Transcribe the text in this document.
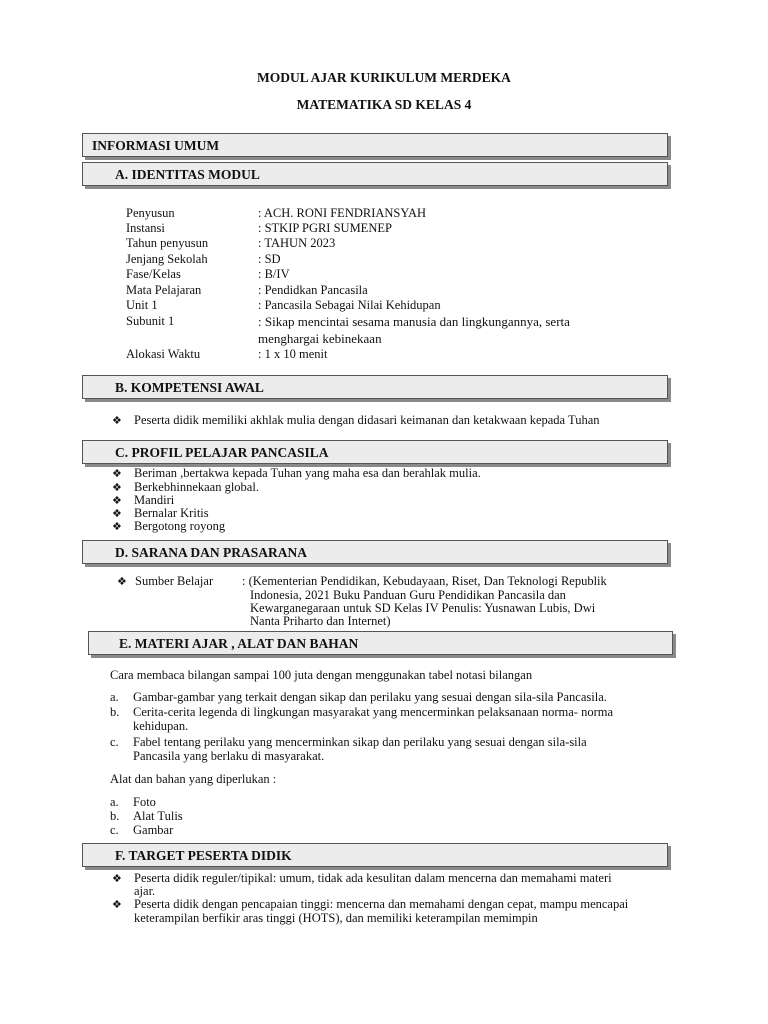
MODUL AJAR KURIKULUM MERDEKA
MATEMATIKA SD KELAS 4
INFORMASI UMUM
A. IDENTITAS MODUL
Penyusun	: ACH. RONI FENDRIANSYAH
Instansi	: STKIP PGRI SUMENEP
Tahun penyusun	: TAHUN 2023
Jenjang Sekolah	: SD
Fase/Kelas	: B/IV
Mata Pelajaran	: Pendidkan Pancasila
Unit 1	: Pancasila Sebagai Nilai Kehidupan
Subunit 1	: Sikap mencintai sesama manusia dan lingkungannya, serta
menghargai kebinekaan
Alokasi Waktu	: 1 x 10 menit
B. KOMPETENSI AWAL
❖ Peserta didik memiliki akhlak mulia dengan didasari keimanan dan ketakwaan kepada Tuhan
C. PROFIL PELAJAR PANCASILA
❖ Beriman ,bertakwa kepada Tuhan yang maha esa dan berahlak mulia.
❖ Berkebhinnekaan global.
❖ Mandiri
❖ Bernalar Kritis
❖ Bergotong royong
D. SARANA DAN PRASARANA
❖ Sumber Belajar : (Kementerian Pendidikan, Kebudayaan, Riset, Dan Teknologi Republik
Indonesia, 2021 Buku Panduan Guru Pendidikan Pancasila dan
Kewarganegaraan untuk SD Kelas IV Penulis: Yusnawan Lubis, Dwi
Nanta Priharto dan Internet)
E. MATERI AJAR , ALAT DAN BAHAN
Cara membaca bilangan sampai 100 juta dengan menggunakan tabel notasi bilangan
a. Gambar-gambar yang terkait dengan sikap dan perilaku yang sesuai dengan sila-sila Pancasila.
b. Cerita-cerita legenda di lingkungan masyarakat yang mencerminkan pelaksanaan norma- norma
kehidupan.
c. Fabel tentang perilaku yang mencerminkan sikap dan perilaku yang sesuai dengan sila-sila
Pancasila yang berlaku di masyarakat.
Alat dan bahan yang diperlukan :
a. Foto
b. Alat Tulis
c. Gambar
F. TARGET PESERTA DIDIK
❖ Peserta didik reguler/tipikal: umum, tidak ada kesulitan dalam mencerna dan memahami materi
ajar.
❖ Peserta didik dengan pencapaian tinggi: mencerna dan memahami dengan cepat, mampu mencapai
keterampilan berfikir aras tinggi (HOTS), dan memiliki keterampilan memimpin
